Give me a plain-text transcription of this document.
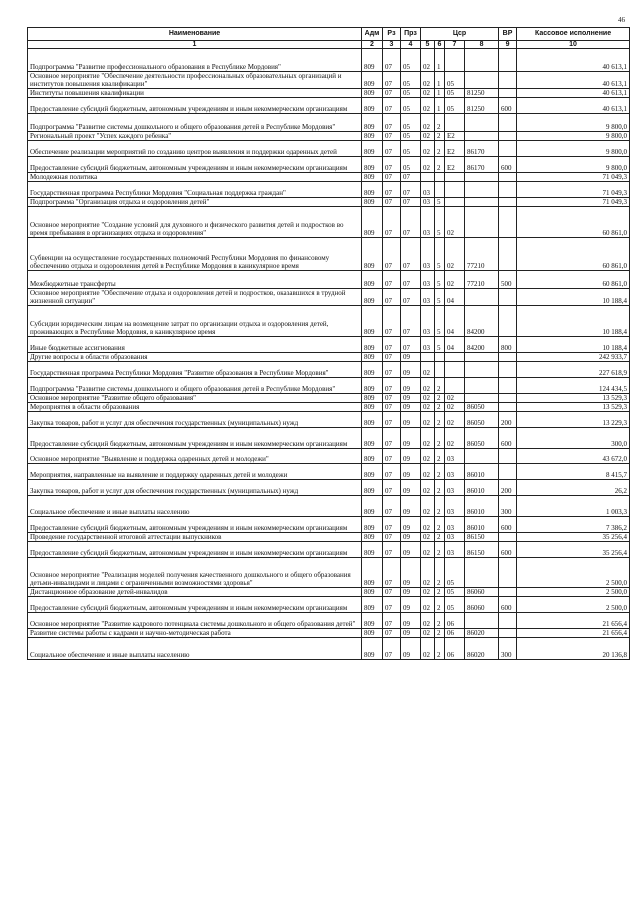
46
Наименование	Адм	Рз	Прз	Цср				ВР	Кассовое исполнение
1	2	3	4	5	6	7	8	9	10
Подпрограмма "Развитие профессионального образования в Республике Мордовия"	809	07	05	02	1				40 613,1
Основное мероприятие "Обеспечение деятельности профессиональных образовательных организаций и институтов повышения квалификации"	809	07	05	02	1	05			40 613,1
Институты повышения квалификации	809	07	05	02	1	05	81250		40 613,1
Предоставление субсидий бюджетным, автономным учреждениям и иным некоммерческим организациям	809	07	05	02	1	05	81250	600	40 613,1
Подпрограмма "Развитие системы дошкольного и общего образования детей в Республике Мордовия"	809	07	05	02	2				9 800,0
Региональный проект "Успех каждого ребенка"	809	07	05	02	2	E2			9 800,0
Обеспечение реализации мероприятий по созданию центров выявления и поддержки одаренных детей	809	07	05	02	2	E2	86170		9 800,0
Предоставление субсидий бюджетным, автономным учреждениям и иным некоммерческим организациям	809	07	05	02	2	E2	86170	600	9 800,0
Молодежная политика	809	07	07						71 049,3
Государственная программа Республики Мордовия "Социальная поддержка граждан"	809	07	07	03					71 049,3
Подпрограмма "Организация отдыха и оздоровления детей"	809	07	07	03	5				71 049,3
Основное мероприятие "Создание условий для духовного и физического развития детей и подростков во время пребывания в организациях отдыха и оздоровления"	809	07	07	03	5	02			60 861,0
Субвенции на осуществление государственных полномочий Республики Мордовия по финансовому обеспечению отдыха и оздоровления детей в Республике Мордовия в каникулярное время	809	07	07	03	5	02	77210		60 861,0
Межбюджетные трансферты	809	07	07	03	5	02	77210	500	60 861,0
Основное мероприятие "Обеспечение отдыха и оздоровления детей и подростков, оказавшихся в трудной жизненной ситуации"	809	07	07	03	5	04			10 188,4
Субсидии юридическим лицам на возмещение затрат по организации отдыха и оздоровления детей, проживающих в Республике Мордовия, в каникулярное время	809	07	07	03	5	04	84200		10 188,4
Иные бюджетные ассигнования	809	07	07	03	5	04	84200	800	10 188,4
Другие вопросы в области образования	809	07	09						242 933,7
Государственная программа Республики Мордовия "Развитие образования в Республике Мордовия"	809	07	09	02					227 618,9
Подпрограмма "Развитие системы дошкольного и общего образования детей в Республике Мордовия"	809	07	09	02	2				124 434,5
Основное мероприятие "Развитие общего образования"	809	07	09	02	2	02			13 529,3
Мероприятия в области образования	809	07	09	02	2	02	86050		13 529,3
Закупка товаров, работ и услуг для обеспечения государственных (муниципальных) нужд	809	07	09	02	2	02	86050	200	13 229,3
Предоставление субсидий бюджетным, автономным учреждениям и иным некоммерческим организациям	809	07	09	02	2	02	86050	600	300,0
Основное мероприятие "Выявление и поддержка одаренных детей и молодежи"	809	07	09	02	2	03			43 672,0
Мероприятия, направленные на выявление и поддержку одаренных детей и молодежи	809	07	09	02	2	03	86010		8 415,7
Закупка товаров, работ и услуг для обеспечения государственных (муниципальных) нужд	809	07	09	02	2	03	86010	200	26,2
Социальное обеспечение и иные выплаты населению	809	07	09	02	2	03	86010	300	1 003,3
Предоставление субсидий бюджетным, автономным учреждениям и иным некоммерческим организациям	809	07	09	02	2	03	86010	600	7 386,2
Проведение государственной итоговой аттестации выпускников	809	07	09	02	2	03	86150		35 256,4
Предоставление субсидий бюджетным, автономным учреждениям и иным некоммерческим организациям	809	07	09	02	2	03	86150	600	35 256,4
Основное мероприятие "Реализация моделей получения качественного дошкольного и общего образования детьми-инвалидами и лицами с ограниченными возможностями здоровья"	809	07	09	02	2	05			2 500,0
Дистанционное образование детей-инвалидов	809	07	09	02	2	05	86060		2 500,0
Предоставление субсидий бюджетным, автономным учреждениям и иным некоммерческим организациям	809	07	09	02	2	05	86060	600	2 500,0
Основное мероприятие "Развитие кадрового потенциала системы дошкольного и общего образования детей"	809	07	09	02	2	06			21 656,4
Развитие системы работы с кадрами и научно-методическая работа	809	07	09	02	2	06	86020		21 656,4
Социальное обеспечение и иные выплаты населению	809	07	09	02	2	06	86020	300	20 136,8
